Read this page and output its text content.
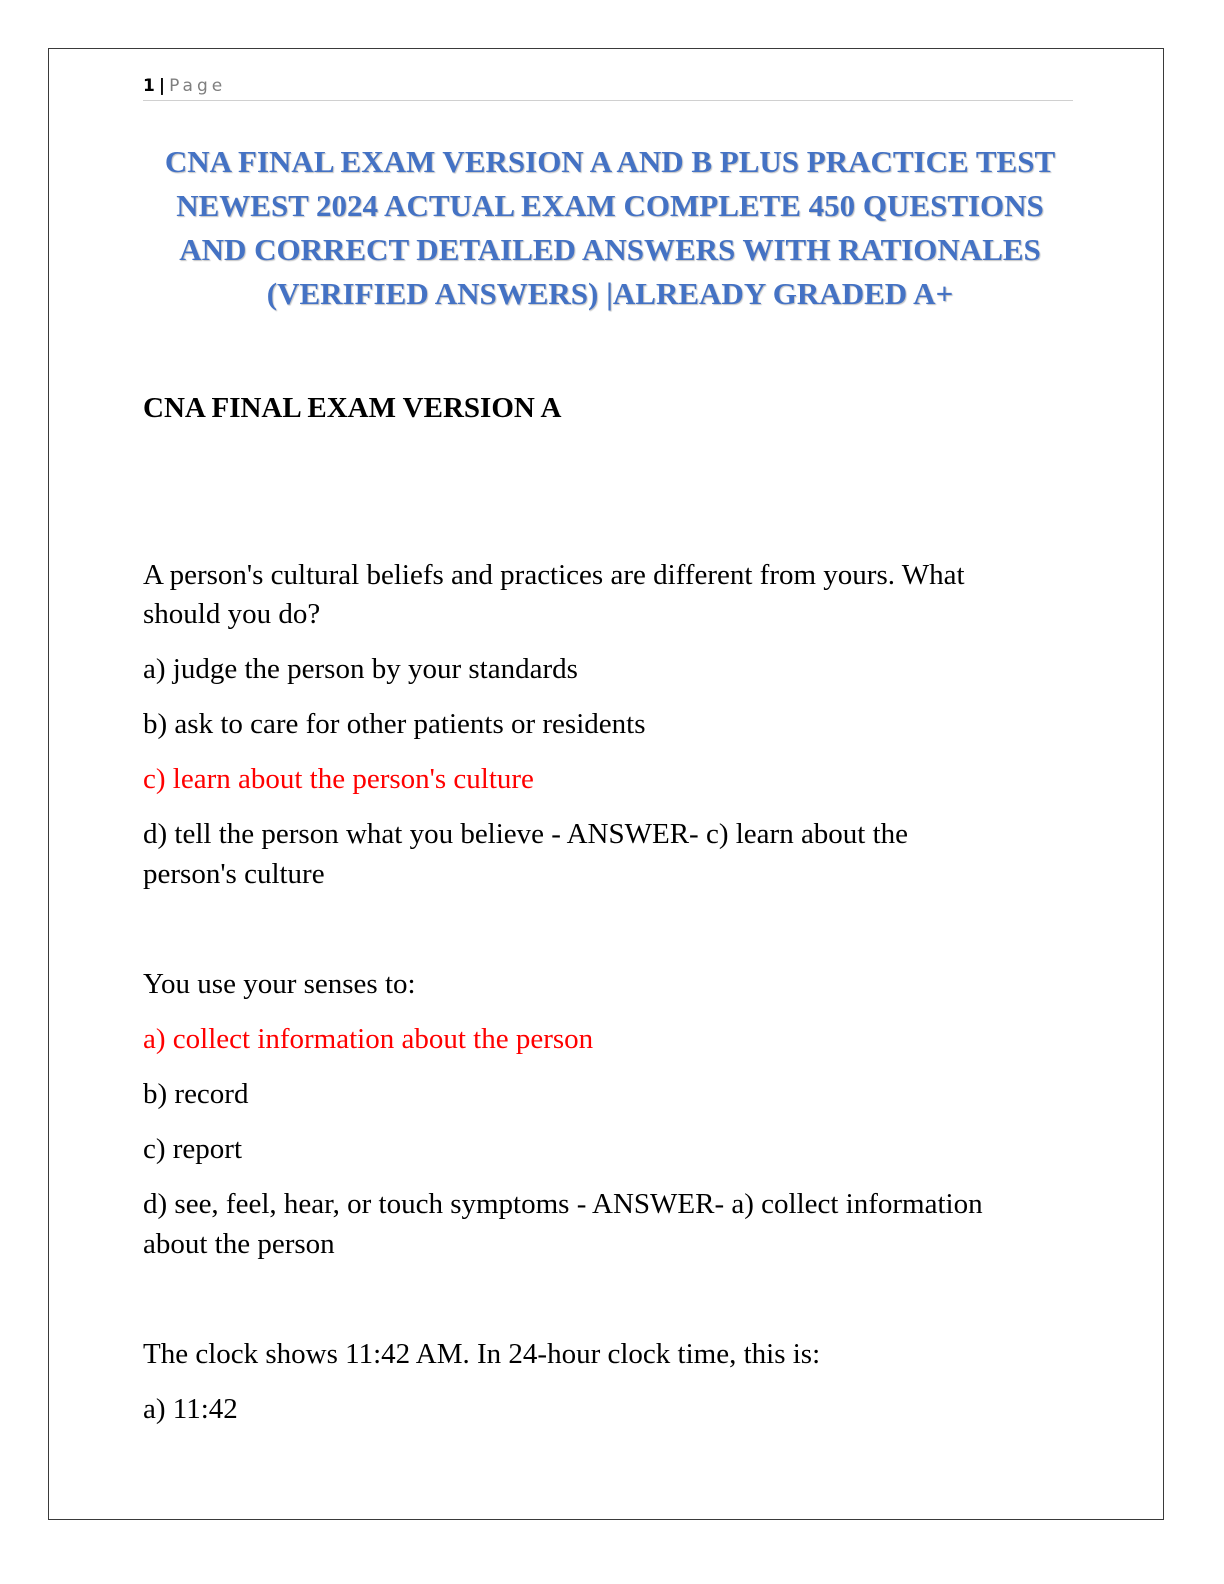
1 | Page
CNA FINAL EXAM VERSION A AND B PLUS PRACTICE TEST
NEWEST 2024 ACTUAL EXAM COMPLETE 450 QUESTIONS
AND CORRECT DETAILED ANSWERS WITH RATIONALES
(VERIFIED ANSWERS) |ALREADY GRADED A+
CNA FINAL EXAM VERSION A
A person's cultural beliefs and practices are different from yours. What
should you do?
a) judge the person by your standards
b) ask to care for other patients or residents
c) learn about the person's culture
d) tell the person what you believe - ANSWER- c) learn about the
person's culture
You use your senses to:
a) collect information about the person
b) record
c) report
d) see, feel, hear, or touch symptoms - ANSWER- a) collect information
about the person
The clock shows 11:42 AM. In 24-hour clock time, this is:
a) 11:42
